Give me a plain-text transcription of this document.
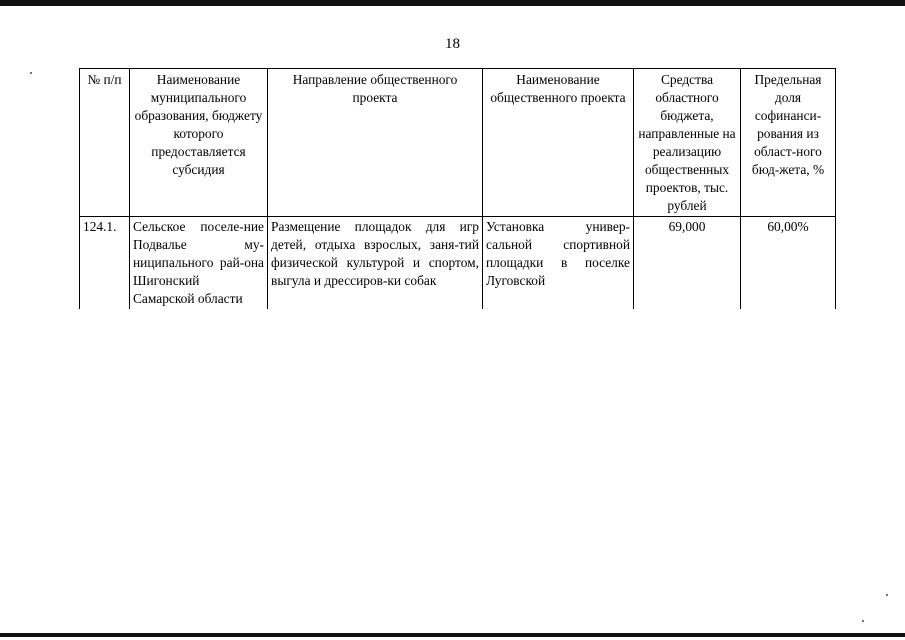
18
№ п/п	Наименование муниципального образования, бюджету которого предоставляется субсидия	Направление общественного проекта	Наименование общественного проекта	Средства областного бюджета, направленные на реализацию общественных проектов, тыс. рублей	Предельная доля софинанси-рования из област-ного бюд-жета, %
124.1.	Сельское поселе-ние Подвалье му-ниципального рай-она Шигонский Самарской области	Размещение площадок для игр детей, отдыха взрослых, заня-тий физической культурой и спортом, выгула и дрессиров-ки собак	Установка универ-сальной спортивной площадки в поселке Луговской	69,000	60,00%
